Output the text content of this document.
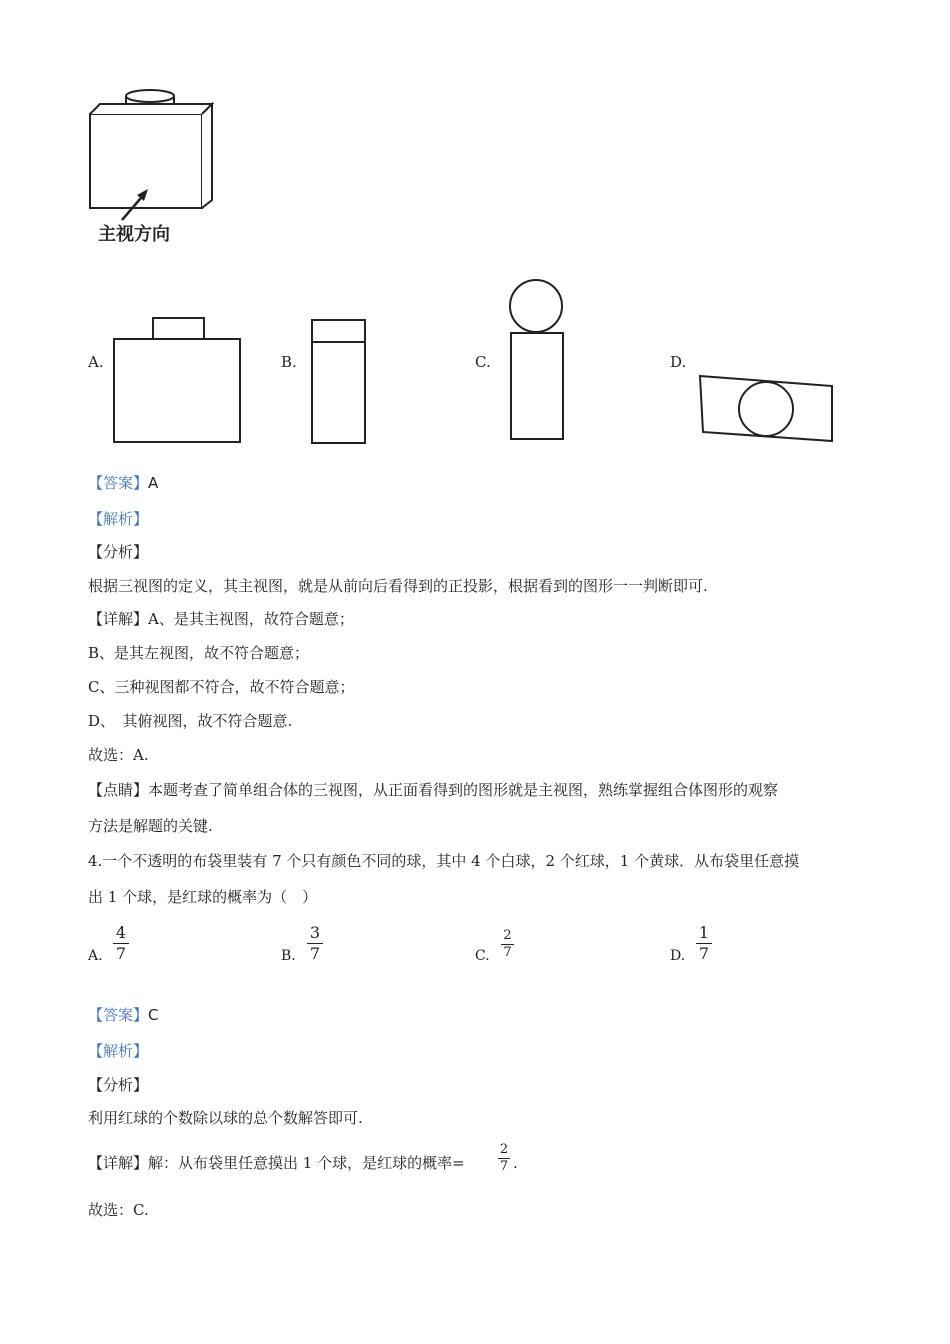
主视方向
A.	B.	C.	D.
【答案】A
【解析】
【分析】
根据三视图的定义，其主视图，就是从前向后看得到的正投影，根据看到的图形一一判断即可.
【详解】A、是其主视图，故符合题意；
B、是其左视图，故不符合题意；
C、三种视图都不符合，故不符合题意；
D、　其俯视图，故不符合题意.
故选：A.
【点睛】本题考查了简单组合体的三视图，从正面看得到的图形就是主视图，熟练掌握组合体图形的观察
方法是解题的关键.
4.一个不透明的布袋里装有 7 个只有颜色不同的球，其中 4 个白球，2 个红球，1 个黄球．从布袋里任意摸
出 1 个球，是红球的概率为（　）
A.
4
7	B.
3
7	C.
2
7	D.
1
7
【答案】C
【解析】
【分析】
利用红球的个数除以球的总个数解答即可.
【详解】解：从布袋里任意摸出 1 个球，是红球的概率=
2
7 .
故选：C.
